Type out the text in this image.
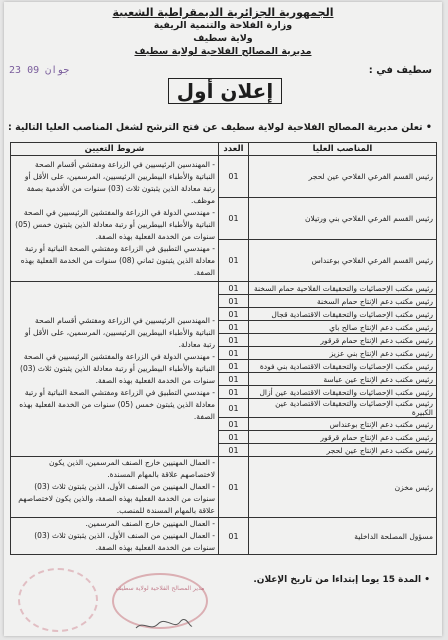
الجمهورية الجزائرية الديمقراطية الشعبية
وزارة الفلاحة والتنمية الريفية
ولاية سطيف
مديرية المصالح الفلاحية لولاية سطيف
سطيف في :
23 جوان 09
إعلان أول
• تعلن مديرية المصالح الفلاحية لولاية سطيف عن فتح الترشح لشغل المناصب العليا التالية :
المناصب العليا	العدد	شروط التعيين
رئيس القسم الفرعي الفلاحي عين لحجر	01	- المهندسين الرئيسيين في الزراعة ومفتشي أقسام الصحة النباتية والأطباء البيطريين الرئيسيين، المرسمين، على الأقل أو رتبة معادلة الذين يثبتون ثلاث (03) سنوات من الأقدمية بصفة موظف.
- مهندسي الدولة في الزراعة والمفتشين الرئيسيين في الصحة النباتية والأطباء البيطريين أو رتبة معادلة الذين يثبتون خمس (05) سنوات من الخدمة الفعلية بهذه الصفة.
- مهندسي التطبيق في الزراعة ومفتشي الصحة النباتية أو رتبة معادلة الذين يثبتون ثماني (08) سنوات من الخدمة الفعلية بهذه الصفة.

رئيس القسم الفرعي الفلاحي بني ورتيلان	01	
رئيس القسم الفرعي الفلاحي بوعنداس	01	
رئيس مكتب الإحصائيات والتحقيقات الفلاحية حمام السخنة	01	- المهندسين الرئيسيين في الزراعة ومفتشي أقسام الصحة النباتية والأطباء البيطريين الرئيسيين، المرسمين، على الأقل أو رتبة معادلة.
- مهندسي الدولة في الزراعة والمفتشين الرئيسيين في الصحة النباتية والأطباء البيطريين أو رتبة معادلة الذين يثبتون ثلاث (03) سنوات من الخدمة الفعلية بهذه الصفة.
- مهندسي التطبيق في الزراعة ومفتشي الصحة النباتية أو رتبة معادلة الذين يثبتون خمس (05) سنوات من الخدمة الفعلية بهذه الصفة.

رئيس مكتب دعم الإنتاج حمام السخنة	01	
رئيس مكتب الإحصائيات والتحقيقات الاقتصادية قجال	01	
رئيس مكتب دعم الإنتاج صالح باي	01	
رئيس مكتب دعم الإنتاج حمام قرقور	01	
رئيس مكتب دعم الإنتاج بني عزيز	01	
رئيس مكتب الإحصائيات والتحقيقات الاقتصادية بني فودة	01	
رئيس مكتب دعم الإنتاج عين عباسة	01	
رئيس مكتب الإحصائيات والتحقيقات الاقتصادية عين أزال	01	
رئيس مكتب الإحصائيات والتحقيقات الاقتصادية عين الكبيرة	01	
رئيس مكتب دعم الإنتاج بوعنداس	01	
رئيس مكتب دعم الإنتاج حمام قرقور	01	
رئيس مكتب دعم الإنتاج عين لحجر	01	
رئيس مخزن	01	- العمال المهنيين خارج الصنف المرسمين، الذين يكون لاختصاصهم علاقة بالمهام المسندة.
- العمال المهنيين من الصنف الأول، الذين يثبتون ثلاث (03) سنوات من الخدمة الفعلية بهذه الصفة، والذين يكون لاختصاصهم علاقة بالمهام المسندة للمنصب.

مسؤول المصلحة الداخلية	01	- العمال المهنيين خارج الصنف المرسمين.
- العمال المهنيين من الصنف الأول، الذين يثبتون ثلاث (03) سنوات من الخدمة الفعلية بهذه الصفة.
• المدة 15 يوما إبتداءا من تاريخ الإعلان.
مدير المصالح الفلاحية لولاية سطيف
